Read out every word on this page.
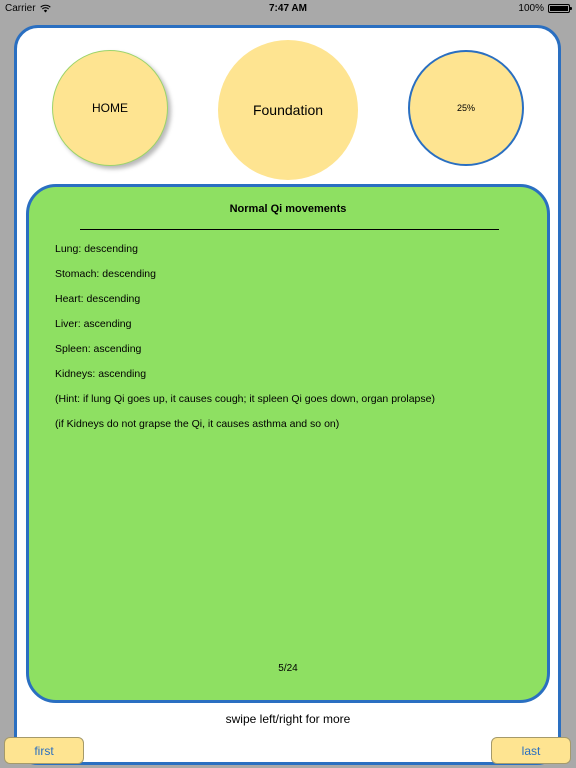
Carrier	7:47 AM	100%
HOME	Foundation	25%
Normal Qi movements
Lung: descending
Stomach: descending
Heart: descending
Liver: ascending
Spleen: ascending
Kidneys: ascending
(Hint: if lung Qi goes up, it causes cough; it spleen Qi goes down, organ prolapse)
(if Kidneys do not grapse the Qi, it causes asthma and so on)
5/24
swipe left/right for more
first	last
